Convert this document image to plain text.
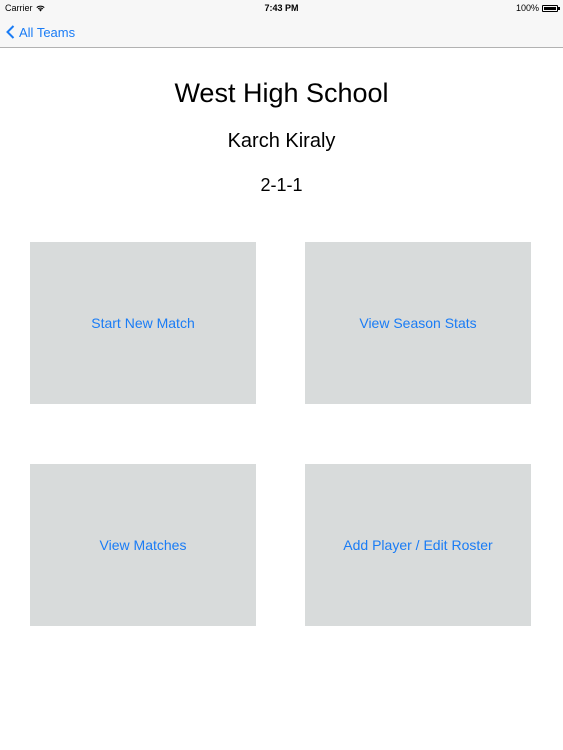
Carrier	7:43 PM	100%
All Teams
West High School
Karch Kiraly
2-1-1
Start New Match	View Season Stats
View Matches	Add Player / Edit Roster
